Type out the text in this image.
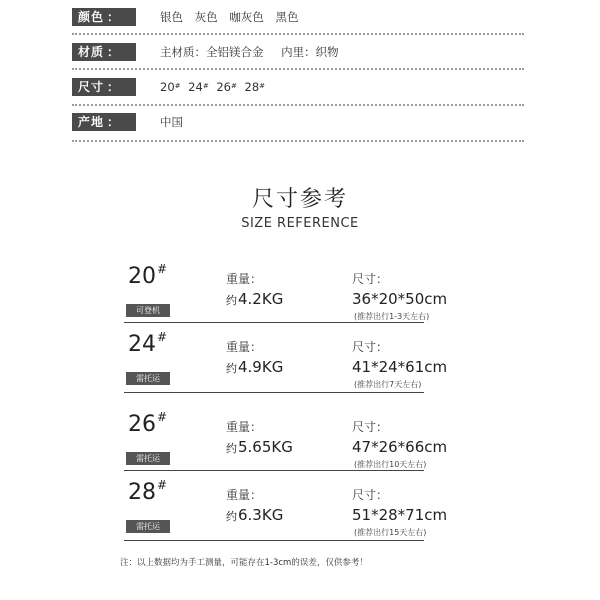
颜色 ：	银色 灰色 咖灰色 黑色
材质 ：	主材质：全铝镁合金 内里：织物
尺寸 ：	20# 24# 26# 28#
产地 ：	中国
尺寸参考
SIZE REFERENCE
20#
可登机
重量：
约4.2KG
尺寸：
36*20*50cm
(推荐出行1-3天左右)
24#
需托运
重量：
约4.9KG
尺寸：
41*24*61cm
(推荐出行7天左右)
26#
需托运
重量：
约5.65KG
尺寸：
47*26*66cm
(推荐出行10天左右)
28#
需托运
重量：
约6.3KG
尺寸：
51*28*71cm
(推荐出行15天左右)
注：以上数据均为手工测量，可能存在1-3cm的误差，仅供参考！
